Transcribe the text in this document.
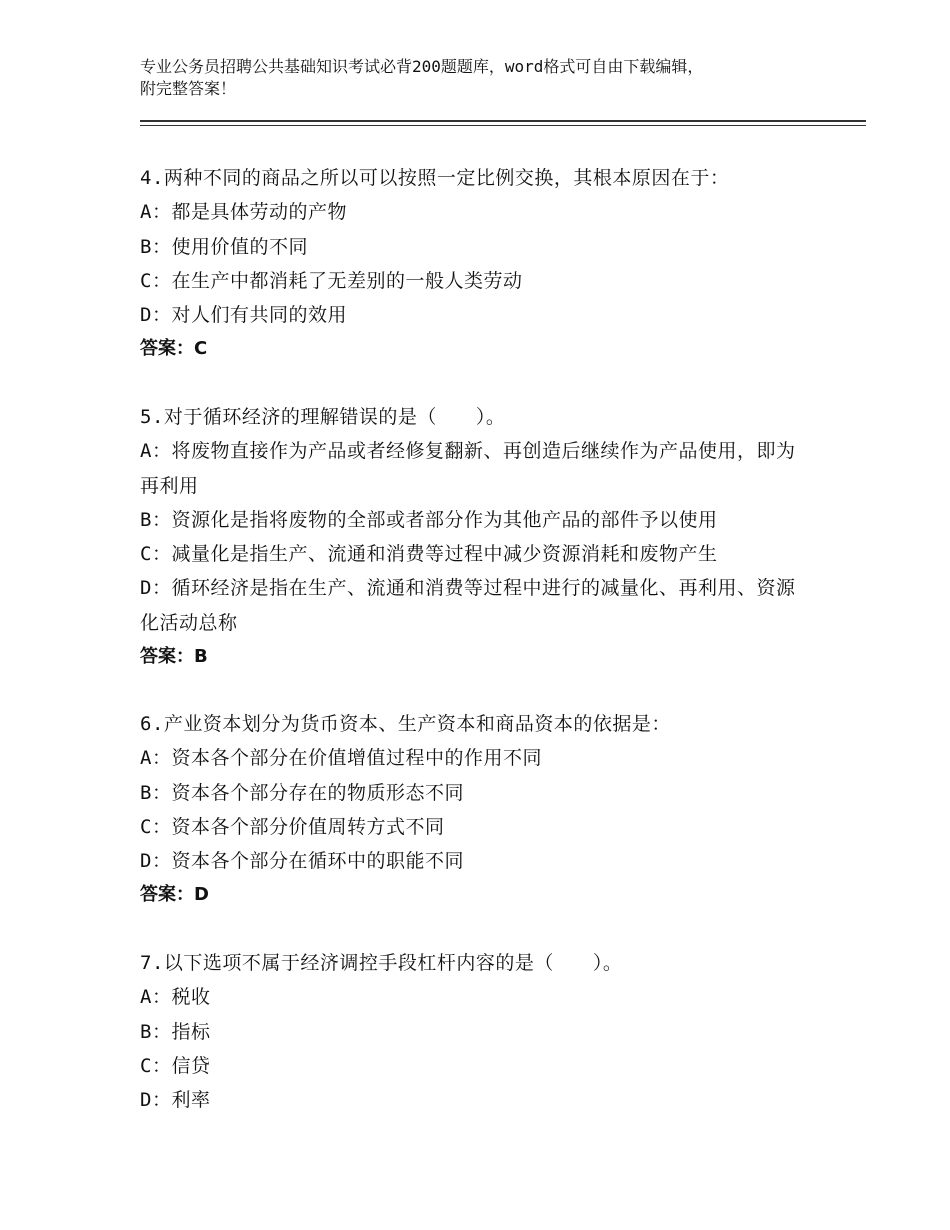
专业公务员招聘公共基础知识考试必背200题题库，word格式可自由下载编辑，
附完整答案！
4.两种不同的商品之所以可以按照一定比例交换，其根本原因在于：
A：都是具体劳动的产物
B：使用价值的不同
C：在生产中都消耗了无差别的一般人类劳动
D：对人们有共同的效用
答案：C
5.对于循环经济的理解错误的是（　　）。
A：将废物直接作为产品或者经修复翻新、再创造后继续作为产品使用，即为再利用
B：资源化是指将废物的全部或者部分作为其他产品的部件予以使用
C：减量化是指生产、流通和消费等过程中减少资源消耗和废物产生
D：循环经济是指在生产、流通和消费等过程中进行的减量化、再利用、资源化活动总称
答案：B
6.产业资本划分为货币资本、生产资本和商品资本的依据是：
A：资本各个部分在价值增值过程中的作用不同
B：资本各个部分存在的物质形态不同
C：资本各个部分价值周转方式不同
D：资本各个部分在循环中的职能不同
答案：D
7.以下选项不属于经济调控手段杠杆内容的是（　　）。
A：税收
B：指标
C：信贷
D：利率
